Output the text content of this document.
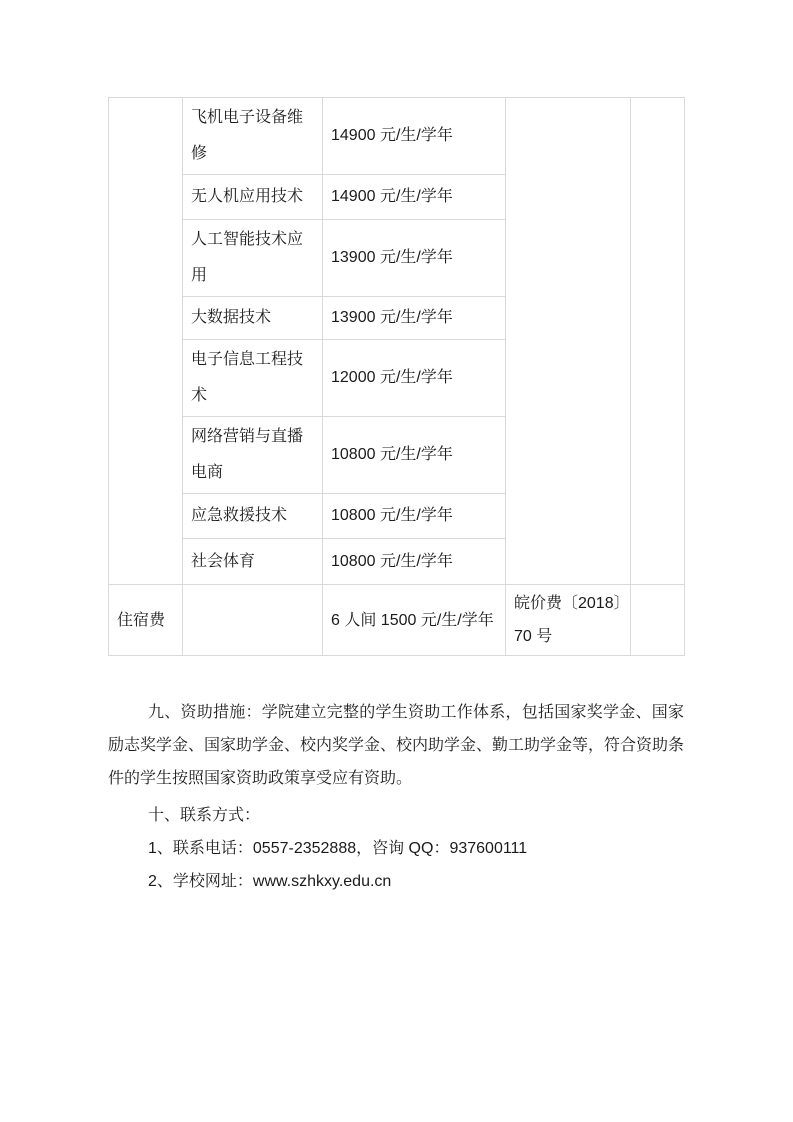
	飞机电子设备维修	14900 元/生/学年		
	无人机应用技术	14900 元/生/学年		
	人工智能技术应用	13900 元/生/学年		
	大数据技术	13900 元/生/学年		
	电子信息工程技术	12000 元/生/学年		
	网络营销与直播电商	10800 元/生/学年		
	应急救援技术	10800 元/生/学年		
	社会体育	10800 元/生/学年		
住宿费		6 人间 1500 元/生/学年	皖价费〔2018〕70 号	

九、资助措施：学院建立完整的学生资助工作体系，包括国家奖学金、国家励志奖学金、国家助学金、校内奖学金、校内助学金、勤工助学金等，符合资助条件的学生按照国家资助政策享受应有资助。

十、联系方式：

1、联系电话：0557-2352888，咨询 QQ：937600111

2、学校网址：www.szhkxy.edu.cn
